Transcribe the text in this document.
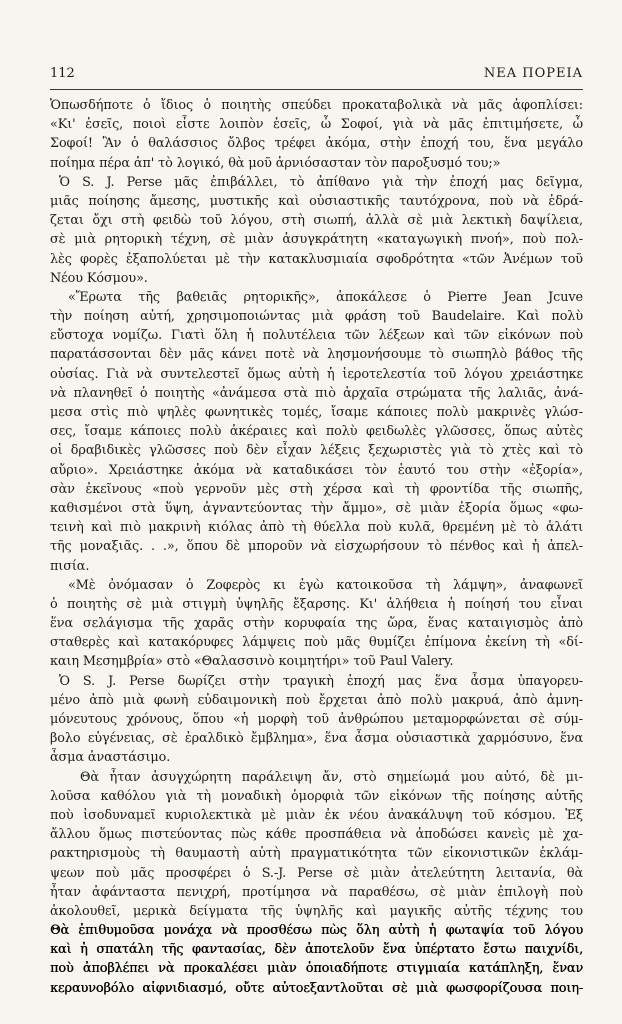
112	ΝΕΑ ΠΟΡΕΙΑ
Ὁπωσδήποτε ὁ ἴδιος ὁ ποιητὴς σπεύδει προκαταβολικὰ νὰ μᾶς ἀφοπλίσει:
«Κι' ἐσεῖς, ποιοὶ εἶστε λοιπὸν ἐσεῖς, ὦ Σοφοί, γιὰ νὰ μᾶς ἐπιτιμήσετε, ὦ
Σοφοί! Ἂν ὁ θαλάσσιος ὄλβος τρέφει ἀκόμα, στὴν ἐποχή του, ἕνα μεγάλο
ποίημα πέρα ἀπ' τὸ λογικό, θὰ μοῦ ἀρνιόσασταν τὸν παροξυσμό του;»
Ὁ S. J. Perse μᾶς ἐπιβάλλει, τὸ ἀπίθανο γιὰ τὴν ἐποχή μας δεῖγμα,
μιᾶς ποίησης ἄμεσης, μυστικῆς καὶ οὐσιαστικῆς ταυτόχρονα, ποὺ νὰ ἑδρά-
ζεται ὄχι στὴ φειδὼ τοῦ λόγου, στὴ σιωπή, ἀλλὰ σὲ μιὰ λεκτικὴ δαψίλεια,
σὲ μιὰ ρητορικὴ τέχνη, σὲ μιὰν ἀσυγκράτητη «καταγωγικὴ πνοή», ποὺ πολ-
λὲς φορὲς ἐξαπολύεται μὲ τὴν κατακλυσμιαία σφοδρότητα «τῶν Ἀνέμων τοῦ
Νέου Κόσμου».
«Ἔρωτα τῆς βαθειᾶς ρητορικῆς», ἀποκάλεσε ὁ Pierre Jean Jcuve
τὴν ποίηση αὐτή, χρησιμοποιώντας μιὰ φράση τοῦ Baudelaire. Καὶ πολὺ
εὔστοχα νομίζω. Γιατὶ ὅλη ἡ πολυτέλεια τῶν λέξεων καὶ τῶν εἰκόνων ποὺ
παρατάσσονται δὲν μᾶς κάνει ποτὲ νὰ λησμονήσουμε τὸ σιωπηλὸ βάθος τῆς
οὐσίας. Γιὰ νὰ συντελεστεῖ ὅμως αὐτὴ ἡ ἱεροτελεστία τοῦ λόγου χρειάστηκε
νὰ πλανηθεῖ ὁ ποιητὴς «ἀνάμεσα στὰ πιὸ ἀρχαῖα στρώματα τῆς λαλιᾶς, ἀνά-
μεσα στὶς πιὸ ψηλὲς φωνητικὲς τομές, ἴσαμε κάποιες πολὺ μακρινὲς γλώσ-
σες, ἴσαμε κάποιες πολὺ ἀκέραιες καὶ πολὺ φειδωλὲς γλῶσσες, ὅπως αὐτὲς
οἱ δραβιδικὲς γλῶσσες ποὺ δὲν εἶχαν λέξεις ξεχωριστὲς γιὰ τὸ χτὲς καὶ τὸ
αὔριο». Χρειάστηκε ἀκόμα νὰ καταδικάσει τὸν ἑαυτό του στὴν «ἐξορία»,
σὰν ἐκεῖνους «ποὺ γερνοῦν μὲς στὴ χέρσα καὶ τὴ φροντίδα τῆς σιωπῆς,
καθισμένοι στὰ ὕψη, ἀγναντεύοντας τὴν ἄμμο», σὲ μιὰν ἐξορία ὅμως «φω-
τεινὴ καὶ πιὸ μακρινὴ κιόλας ἀπὸ τὴ θύελλα ποὺ κυλᾶ, θρεμένη μὲ τὸ ἁλάτι
τῆς μοναξιᾶς. . .», ὅπου δὲ μποροῦν νὰ εἰσχωρήσουν τὸ πένθος καὶ ἡ ἀπελ-
πισία.
«Μὲ ὀνόμασαν ὁ Ζοφερὸς κι ἐγὼ κατοικοῦσα τὴ λάμψη», ἀναφωνεῖ
ὁ ποιητὴς σὲ μιὰ στιγμὴ ὑψηλῆς ἔξαρσης. Κι' ἀλήθεια ἡ ποίησή του εἶναι
ἕνα σελάγισμα τῆς χαρᾶς στὴν κορυφαία της ὥρα, ἕνας καταιγισμὸς ἀπὸ
σταθερὲς καὶ κατακόρυφες λάμψεις ποὺ μᾶς θυμίζει ἐπίμονα ἐκείνη τὴ «δί-
καιη Μεσημβρία» στὸ «Θαλασσινὸ κοιμητήρι» τοῦ Paul Valery.
Ὁ S. J. Perse δωρίζει στὴν τραγικὴ ἐποχή μας ἕνα ἆσμα ὑπαγορευ-
μένο ἀπὸ μιὰ φωνὴ εὐδαιμονικὴ ποὺ ἔρχεται ἀπὸ πολὺ μακρυά, ἀπὸ ἀμνη-
μόνευτους χρόνους, ὅπου «ἡ μορφὴ τοῦ ἀνθρώπου μεταμορφώνεται σὲ σύμ-
βολο εὐγένειας, σὲ ἐραλδικὸ ἔμβλημα», ἕνα ἆσμα οὐσιαστικὰ χαρμόσυνο, ἕνα
ἆσμα ἀναστάσιμο.
Θὰ ἦταν ἀσυγχώρητη παράλειψη ἄν, στὸ σημείωμά μου αὐτό, δὲ μι-
λοῦσα καθόλου γιὰ τὴ μοναδικὴ ὁμορφιὰ τῶν εἰκόνων τῆς ποίησης αὐτῆς
ποὺ ἰσοδυναμεῖ κυριολεκτικὰ μὲ μιὰν ἐκ νέου ἀνακάλυψη τοῦ κόσμου. Ἐξ
ἄλλου ὅμως πιστεύοντας πὼς κάθε προσπάθεια νὰ ἀποδώσει κανεὶς μὲ χα-
ρακτηρισμοὺς τὴ θαυμαστὴ αὐτὴ πραγματικότητα τῶν εἰκονιστικῶν ἐκλάμ-
ψεων ποὺ μᾶς προσφέρει ὁ S.-J. Perse σὲ μιὰν ἀτελεύτητη λειτανία, θὰ
ἦταν ἀφάνταστα πενιχρή, προτίμησα νὰ παραθέσω, σὲ μιὰν ἐπιλογὴ ποὺ
ἀκολουθεῖ, μερικὰ δείγματα τῆς ὑψηλῆς καὶ μαγικῆς αὐτῆς τέχνης του
Θὰ ἐπιθυμοῦσα μονάχα νὰ προσθέσω πὼς ὅλη αὐτὴ ἡ φωταψία τοῦ λόγου
καὶ ἡ σπατάλη τῆς φαντασίας, δὲν ἀποτελοῦν ἕνα ὑπέρτατο ἔστω παιχνίδι,
ποὺ ἀποβλέπει νὰ προκαλέσει μιὰν ὁποιαδήποτε στιγμιαία κατάπληξη, ἕναν
κεραυνοβόλο αἰφνιδιασμό, οὔτε αὐτοεξαντλοῦται σὲ μιὰ φωσφορίζουσα ποιη-
